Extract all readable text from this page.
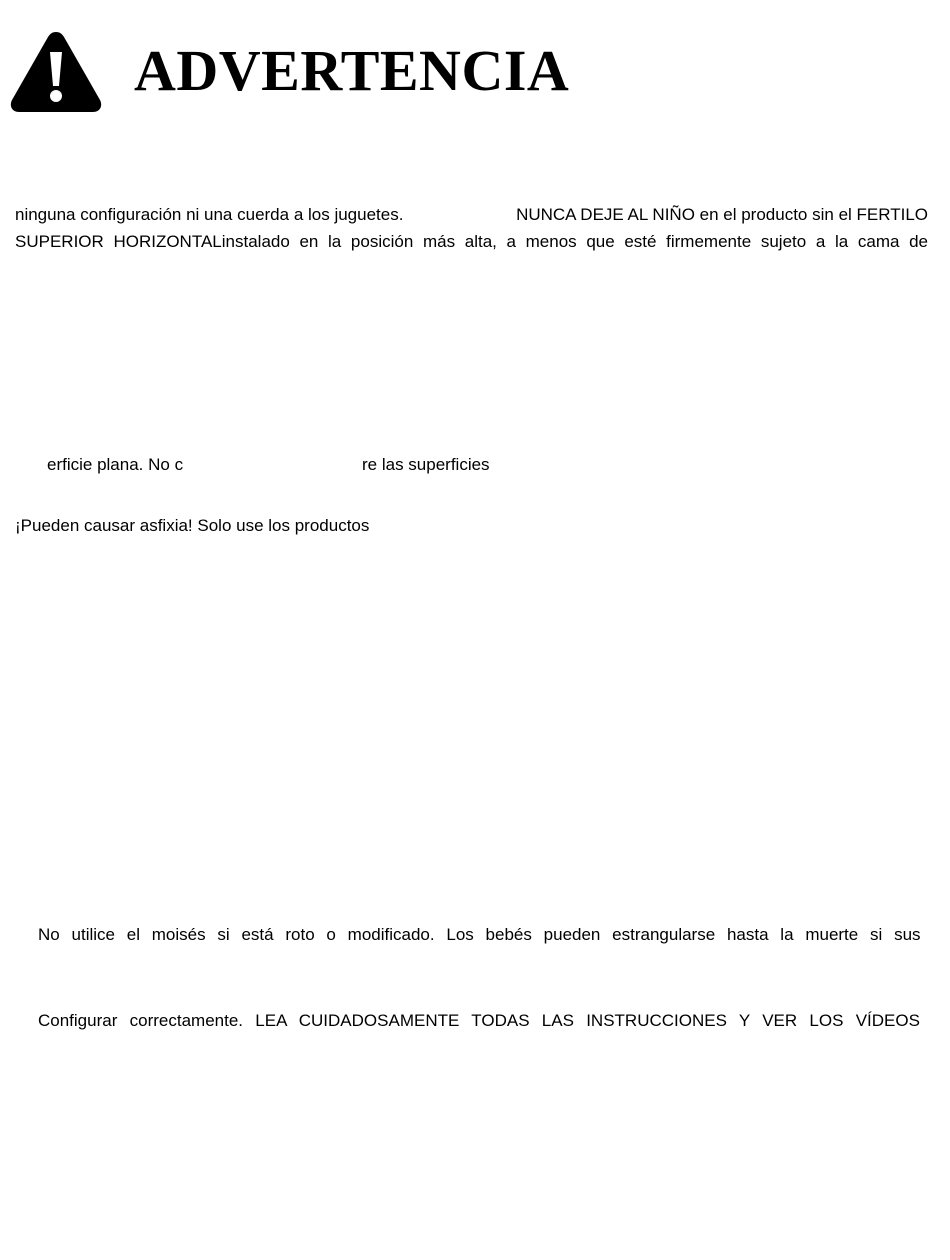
ADVERTENCIA
ninguna configuración ni una cuerda a los juguetes.	NUNCA DEJE AL NIÑO en el producto sin el FERTILO
SUPERIOR HORIZONTALinstalado en la posición más alta, a menos que esté firmemente sujeto a la cama de
erficie plana. No c	re las superficies
¡Pueden causar asfixia! Solo use los productos
No utilice el moisés si está roto o modificado. Los bebés pueden estrangularse hasta la muerte si sus
Configurar correctamente. LEA CUIDADOSAMENTE TODAS LAS INSTRUCCIONES Y VER LOS VÍDEOS
